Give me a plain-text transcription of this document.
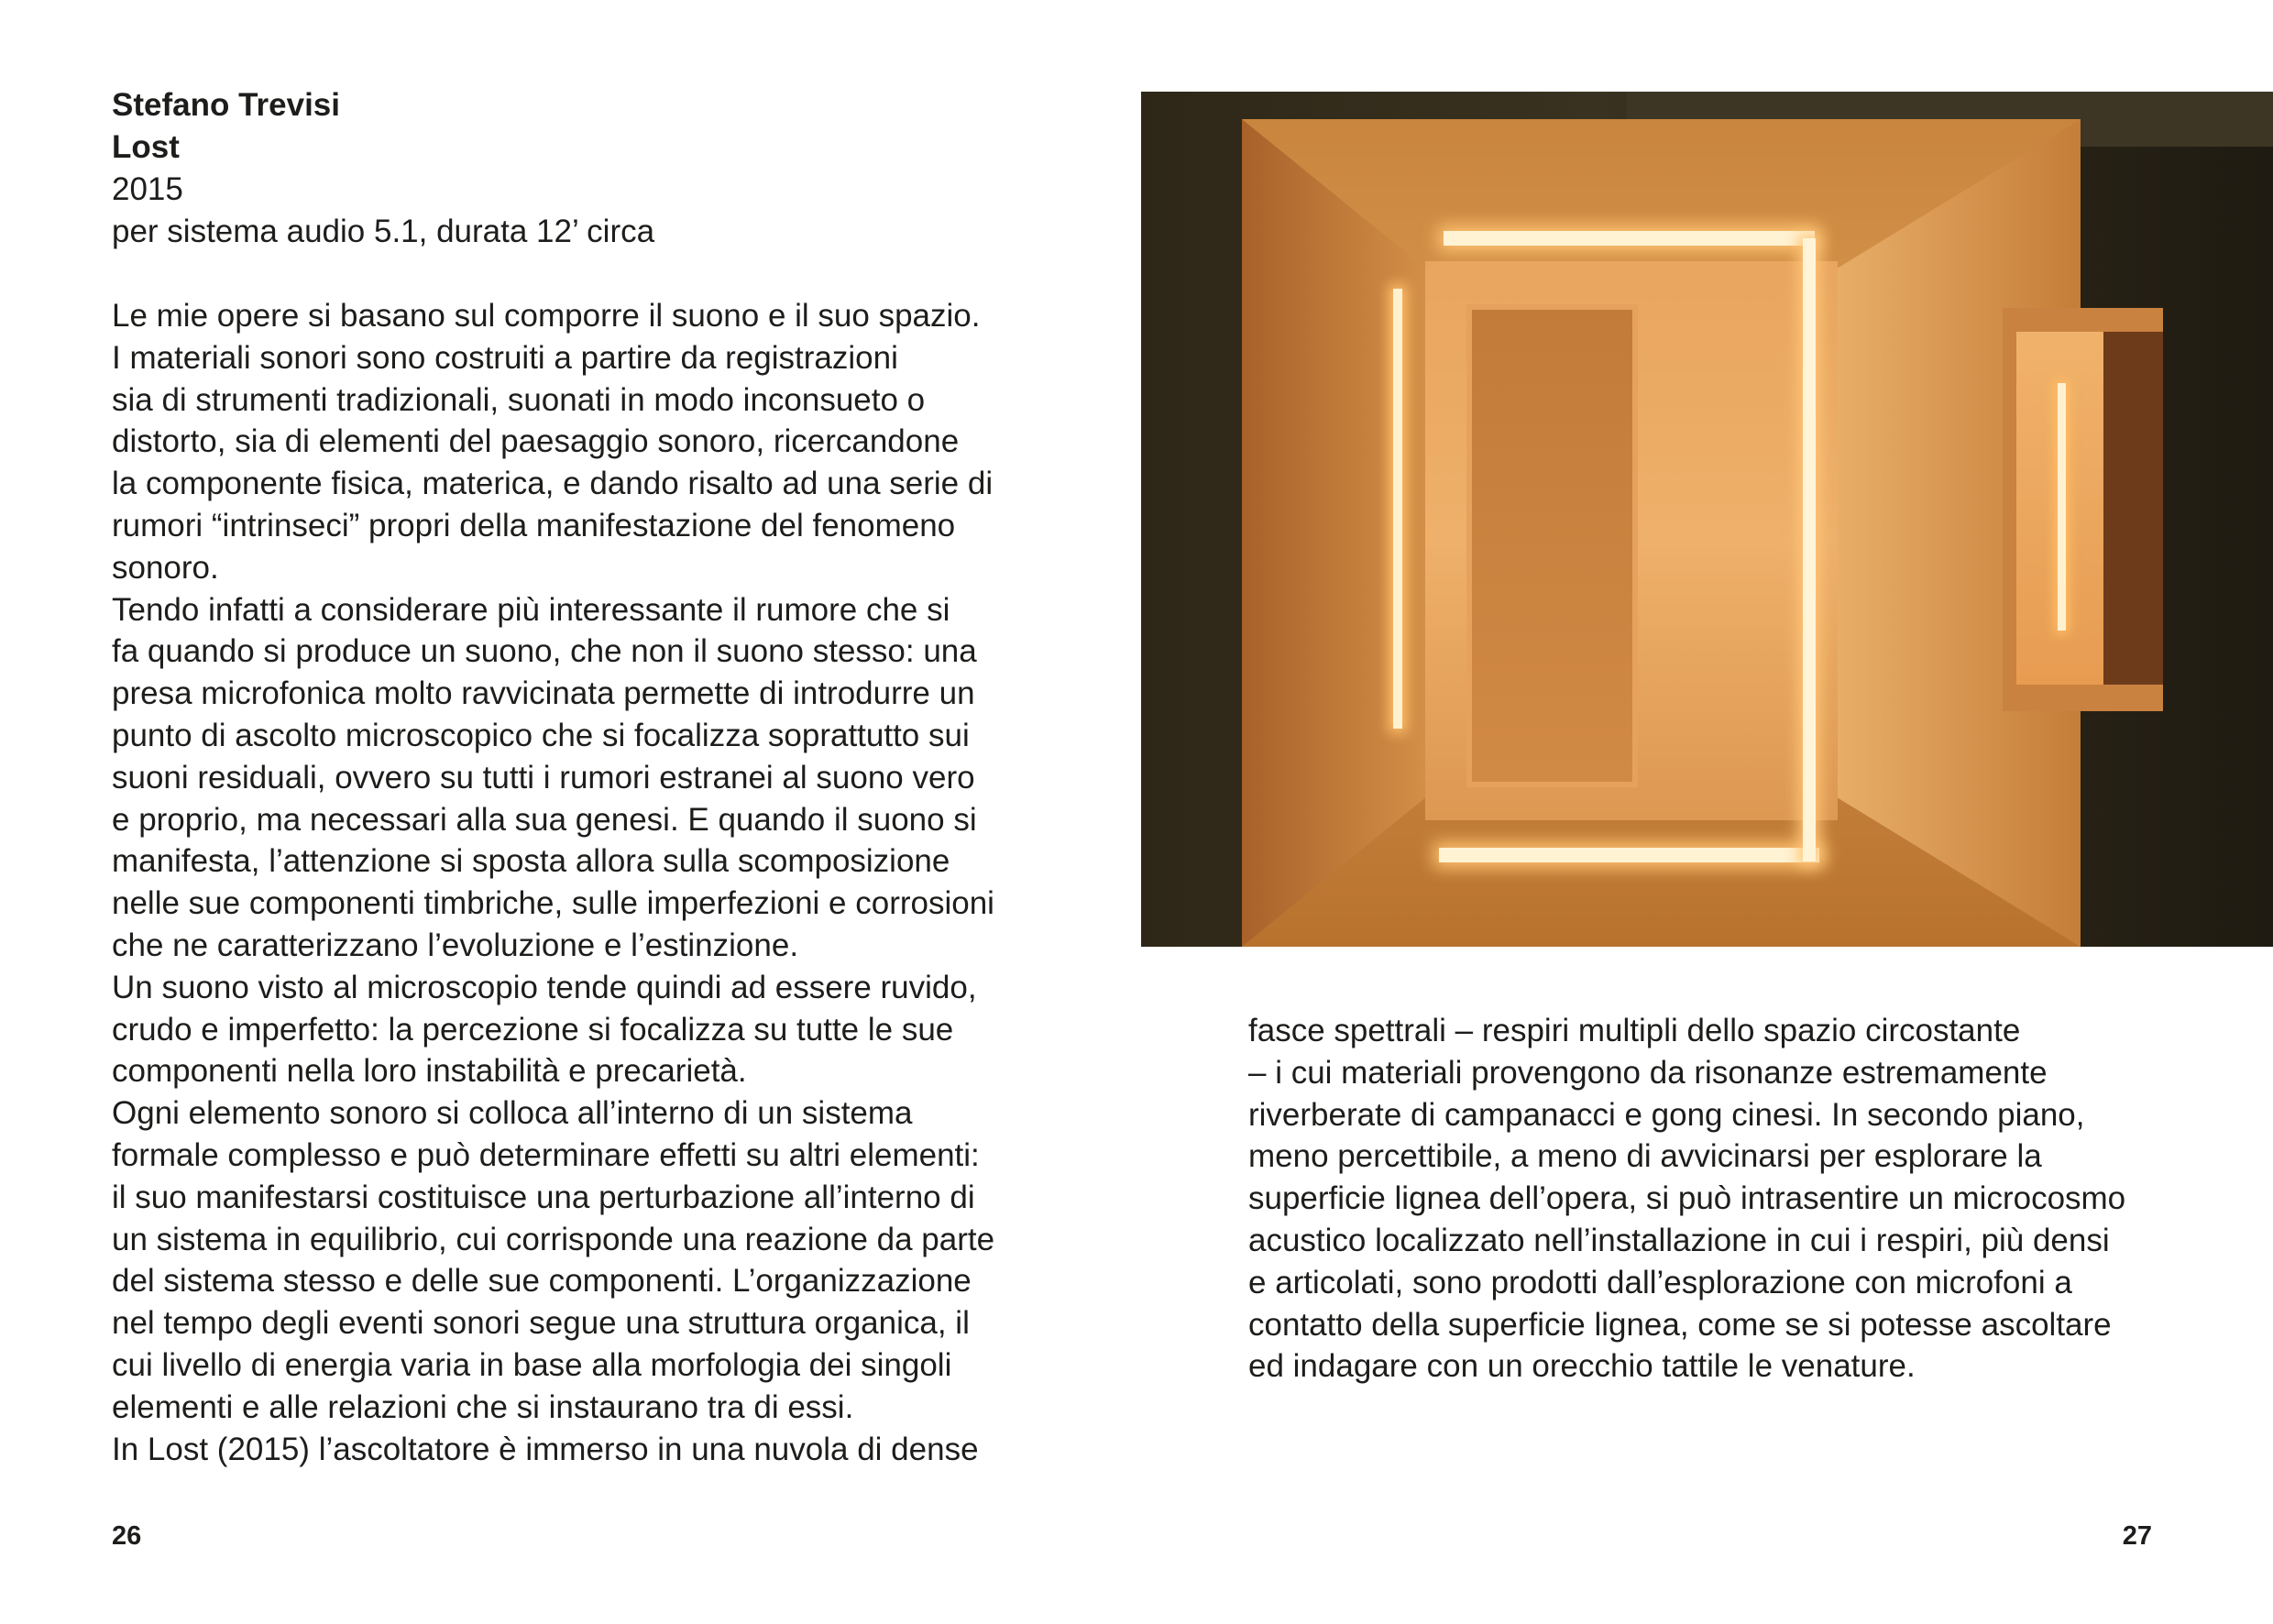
Stefano Trevisi
Lost
2015
per sistema audio 5.1, durata 12’ circa
Le mie opere si basano sul comporre il suono e il suo spazio.
I materiali sonori sono costruiti a partire da registrazioni
sia di strumenti tradizionali, suonati in modo inconsueto o
distorto, sia di elementi del paesaggio sonoro, ricercandone
la componente fisica, materica, e dando risalto ad una serie di
rumori “intrinseci” propri della manifestazione del fenomeno
sonoro.
Tendo infatti a considerare più interessante il rumore che si
fa quando si produce un suono, che non il suono stesso: una
presa microfonica molto ravvicinata permette di introdurre un
punto di ascolto microscopico che si focalizza soprattutto sui
suoni residuali, ovvero su tutti i rumori estranei al suono vero
e proprio, ma necessari alla sua genesi. E quando il suono si
manifesta, l’attenzione si sposta allora sulla scomposizione
nelle sue componenti timbriche, sulle imperfezioni e corrosioni
che ne caratterizzano l’evoluzione e l’estinzione.
Un suono visto al microscopio tende quindi ad essere ruvido,
crudo e imperfetto: la percezione si focalizza su tutte le sue
componenti nella loro instabilità e precarietà.
Ogni elemento sonoro si colloca all’interno di un sistema
formale complesso e può determinare effetti su altri elementi:
il suo manifestarsi costituisce una perturbazione all’interno di
un sistema in equilibrio, cui corrisponde una reazione da parte
del sistema stesso e delle sue componenti. L’organizzazione
nel tempo degli eventi sonori segue una struttura organica, il
cui livello di energia varia in base alla morfologia dei singoli
elementi e alle relazioni che si instaurano tra di essi.
In Lost (2015) l’ascoltatore è immerso in una nuvola di dense
26
fasce spettrali – respiri multipli dello spazio circostante
– i cui materiali provengono da risonanze estremamente
riverberate di campanacci e gong cinesi. In secondo piano,
meno percettibile, a meno di avvicinarsi per esplorare la
superficie lignea dell’opera, si può intrasentire un microcosmo
acustico localizzato nell’installazione in cui i respiri, più densi
e articolati, sono prodotti dall’esplorazione con microfoni a
contatto della superficie lignea, come se si potesse ascoltare
ed indagare con un orecchio tattile le venature.
27
